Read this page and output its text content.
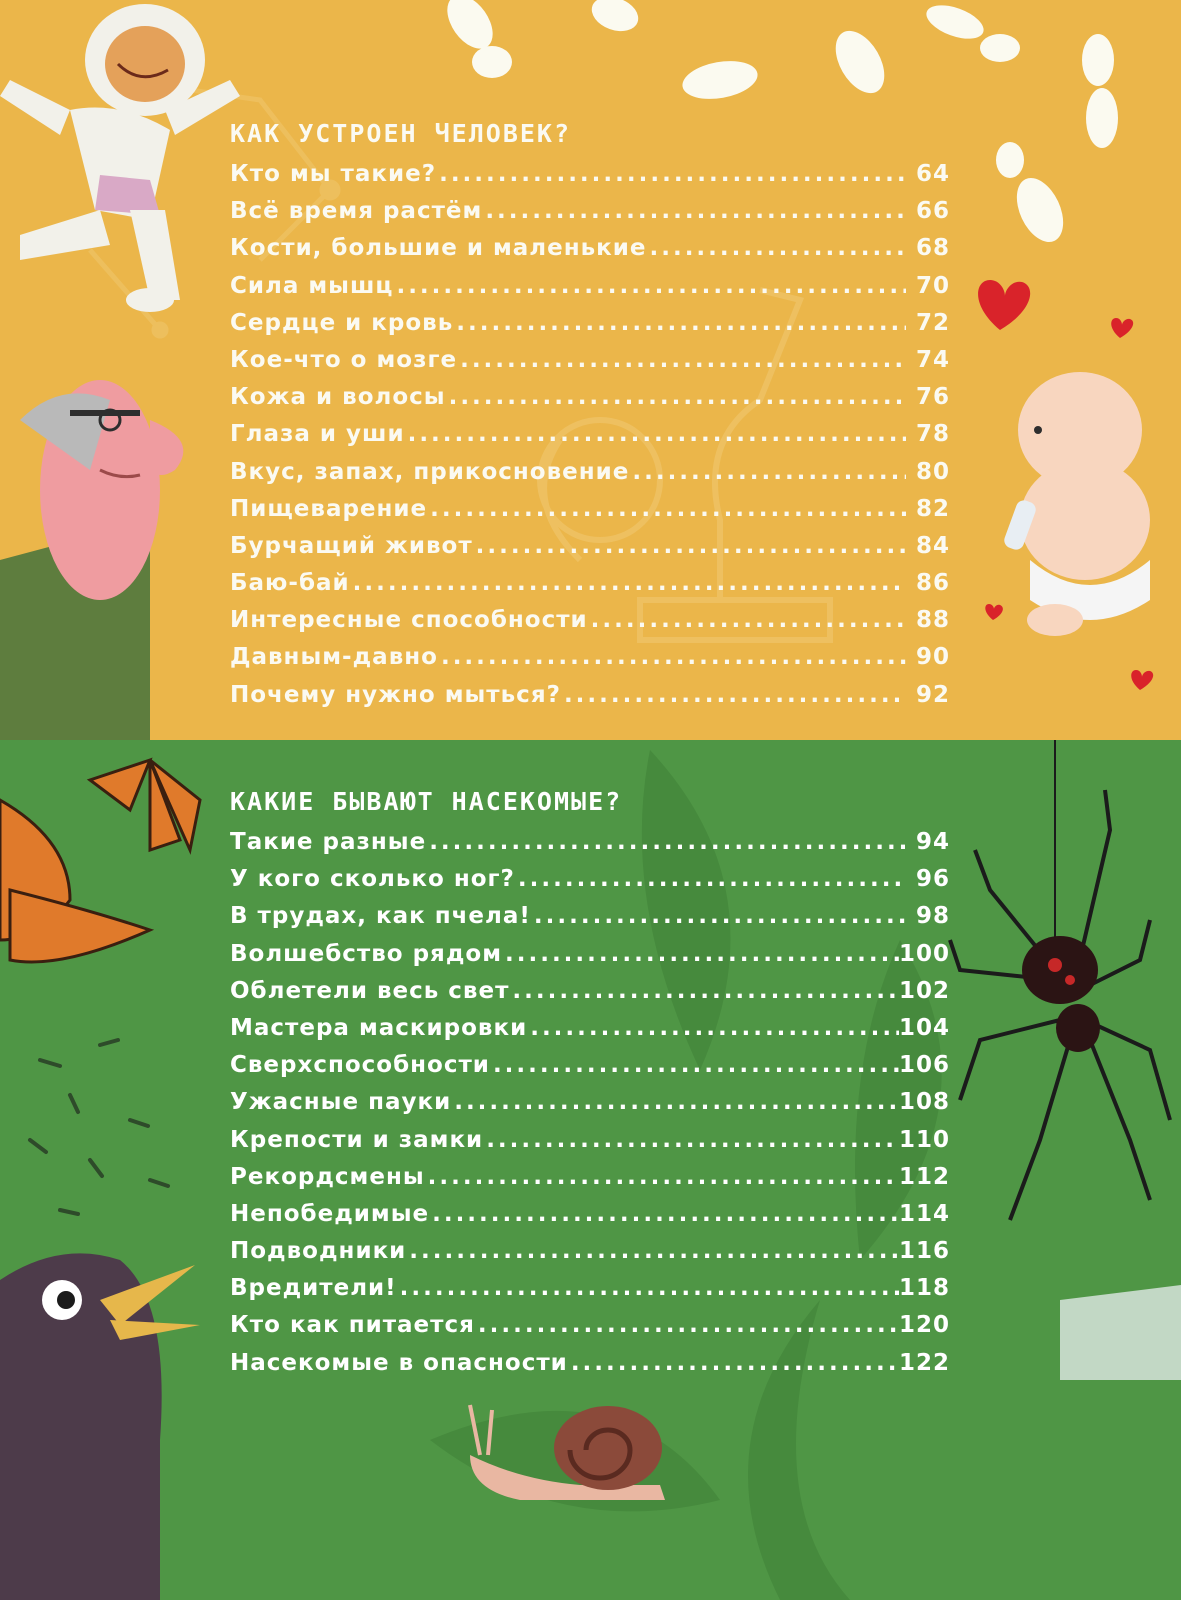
КАК УСТРОЕН ЧЕЛОВЕК?
Кто мы такие? .....	64
Всё время растём .....	66
Кости, большие и маленькие .....	68
Сила мышц .....	70
Сердце и кровь .....	72
Кое-что о мозге .....	74
Кожа и волосы .....	76
Глаза и уши .....	78
Вкус, запах, прикосновение .....	80
Пищеварение .....	82
Бурчащий живот .....	84
Баю-бай .....	86
Интересные способности .....	88
Давным-давно .....	90
Почему нужно мыться? .....	92
КАКИЕ БЫВАЮТ НАСЕКОМЫЕ?
Такие разные .....	94
У кого сколько ног? .....	96
В трудах, как пчела! .....	98
Волшебство рядом .....	100
Облетели весь свет .....	102
Мастера маскировки .....	104
Сверхспособности .....	106
Ужасные пауки .....	108
Крепости и замки .....	110
Рекордсмены .....	112
Непобедимые .....	114
Подводники .....	116
Вредители! .....	118
Кто как питается .....	120
Насекомые в опасности .....	122
